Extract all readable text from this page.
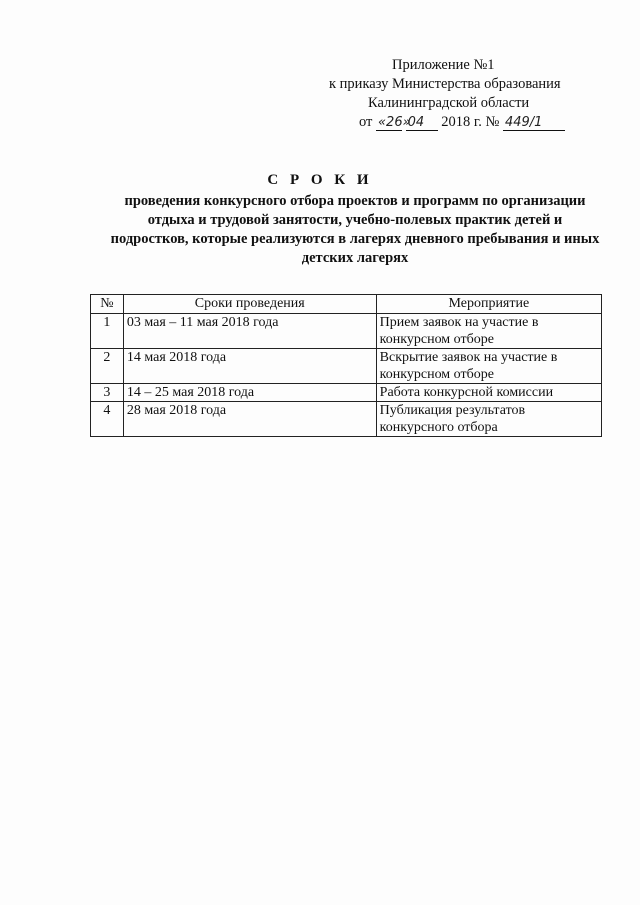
Приложение №1
к приказу Министерства образования
Калининградской области
от «26» 04 2018 г. № 449/1
С Р О К И
проведения конкурсного отбора проектов и программ по организации отдыха и трудовой занятости, учебно-полевых практик детей и подростков, которые реализуются в лагерях дневного пребывания и иных детских лагерях
№	Сроки проведения	Мероприятие
1	03 мая – 11 мая 2018 года	Прием заявок на участие в конкурсном отборе
2	14 мая 2018 года	Вскрытие заявок на участие в конкурсном отборе
3	14 – 25 мая 2018 года	Работа конкурсной комиссии
4	28 мая 2018 года	Публикация результатов конкурсного отбора
